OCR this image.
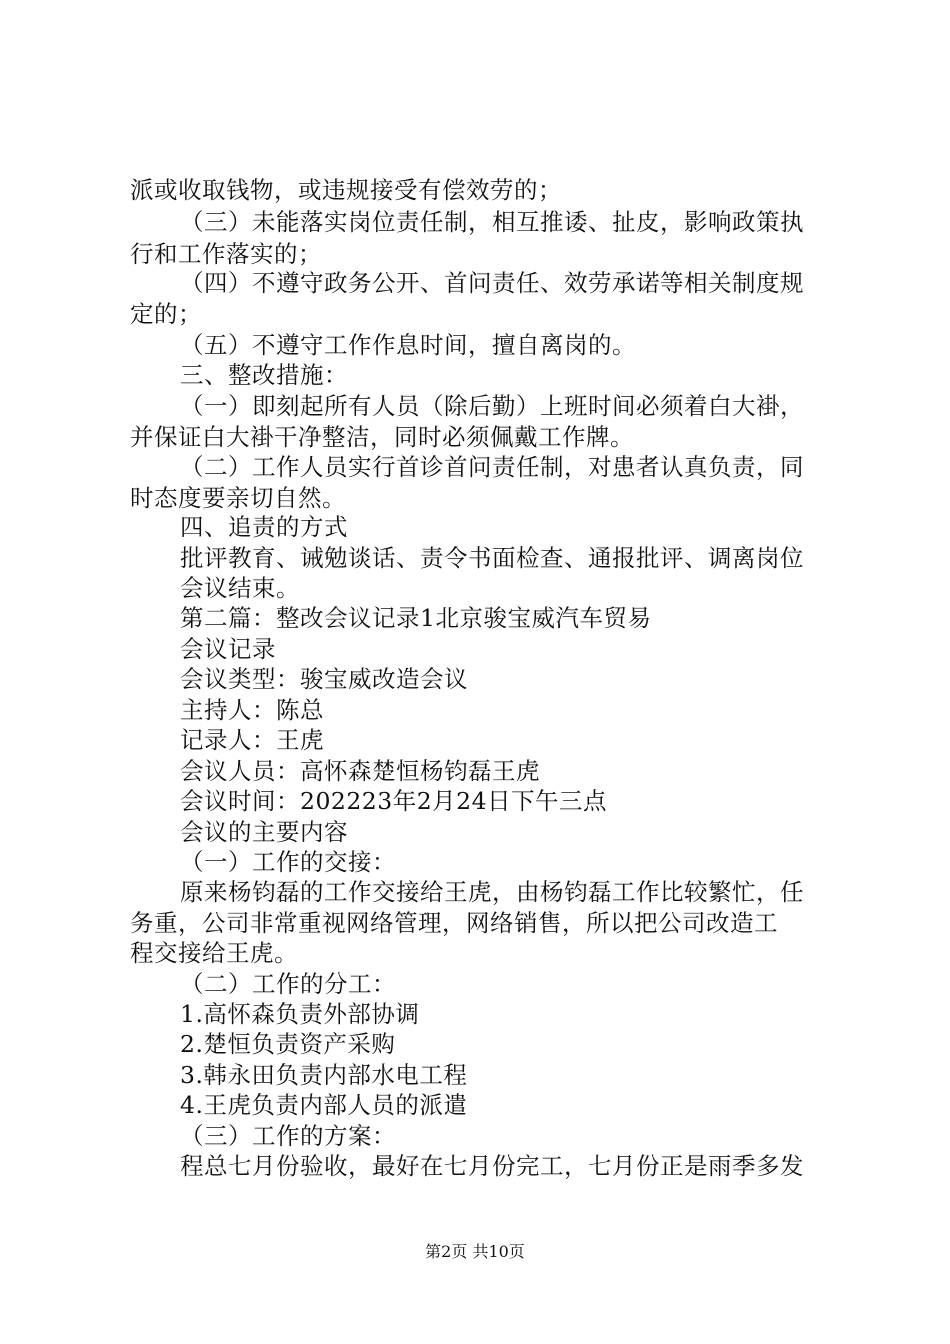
派或收取钱物，或违规接受有偿效劳的；
（三）未能落实岗位责任制，相互推诿、扯皮，影响政策执
行和工作落实的；
（四）不遵守政务公开、首问责任、效劳承诺等相关制度规
定的；
（五）不遵守工作作息时间，擅自离岗的。
三、整改措施：
（一）即刻起所有人员（除后勤）上班时间必须着白大褂，
并保证白大褂干净整洁，同时必须佩戴工作牌。
（二）工作人员实行首诊首问责任制，对患者认真负责，同
时态度要亲切自然。
四、追责的方式
批评教育、诫勉谈话、责令书面检查、通报批评、调离岗位
会议结束。
第二篇：整改会议记录1北京骏宝威汽车贸易
会议记录
会议类型：骏宝威改造会议
主持人：陈总
记录人：王虎
会议人员：高怀森楚恒杨钧磊王虎
会议时间：202223年2月24日下午三点
会议的主要内容
（一）工作的交接：
原来杨钧磊的工作交接给王虎，由杨钧磊工作比较繁忙，任
务重，公司非常重视网络管理，网络销售，所以把公司改造工
程交接给王虎。
（二）工作的分工：
1.高怀森负责外部协调
2.楚恒负责资产采购
3.韩永田负责内部水电工程
4.王虎负责内部人员的派遣
（三）工作的方案：
程总七月份验收，最好在七月份完工，七月份正是雨季多发
第2页 共10页
